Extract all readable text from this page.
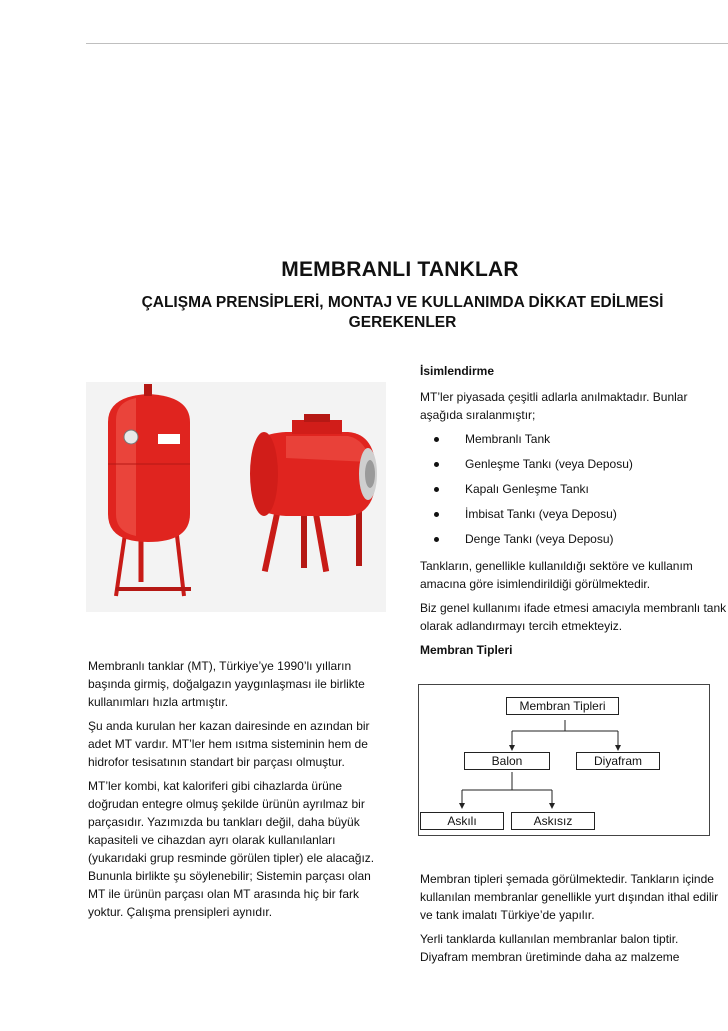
MEMBRANLI TANKLAR
ÇALIŞMA PRENSİPLERİ, MONTAJ VE KULLANIMDA DİKKAT EDİLMESİ GEREKENLER

Membranlı tanklar (MT), Türkiye’ye 1990’lı yılların başında girmiş, doğalgazın yaygınlaşması ile birlikte kullanımları hızla artmıştır.

Şu anda kurulan her kazan dairesinde en azından bir adet MT vardır. MT’ler hem ısıtma sisteminin hem de hidrofor tesisatının standart bir parçası olmuştur.

MT’ler kombi, kat kaloriferi gibi cihazlarda ürüne doğrudan entegre olmuş şekilde ürünün ayrılmaz bir parçasıdır. Yazımızda bu tankları değil, daha büyük kapasiteli ve cihazdan ayrı olarak kullanılanları (yukarıdaki grup resminde görülen tipler) ele alacağız. Bununla birlikte şu söylenebilir; Sistemin parçası olan MT ile ürünün parçası olan MT arasında hiç bir fark yoktur. Çalışma prensipleri aynıdır.

İsimlendirme

MT’ler piyasada çeşitli adlarla anılmaktadır. Bunlar aşağıda sıralanmıştır;

Membranlı Tank
Genleşme Tankı (veya Deposu)
Kapalı Genleşme Tankı
İmbisat Tankı (veya Deposu)
Denge Tankı (veya Deposu)

Tankların, genellikle kullanıldığı sektöre ve kullanım amacına göre isimlendirildiği görülmektedir.

Biz genel kullanımı ifade etmesi amacıyla membranlı tank olarak adlandırmayı tercih etmekteyiz.

Membran Tipleri

Membran Tipleri
Balon	Diyafram
Askılı	Askısız

Membran tipleri şemada görülmektedir. Tankların içinde kullanılan membranlar genellikle yurt dışından ithal edilir ve tank imalatı Türkiye’de yapılır.

Yerli tanklarda kullanılan membranlar balon tiptir. Diyafram membran üretiminde daha az malzeme
